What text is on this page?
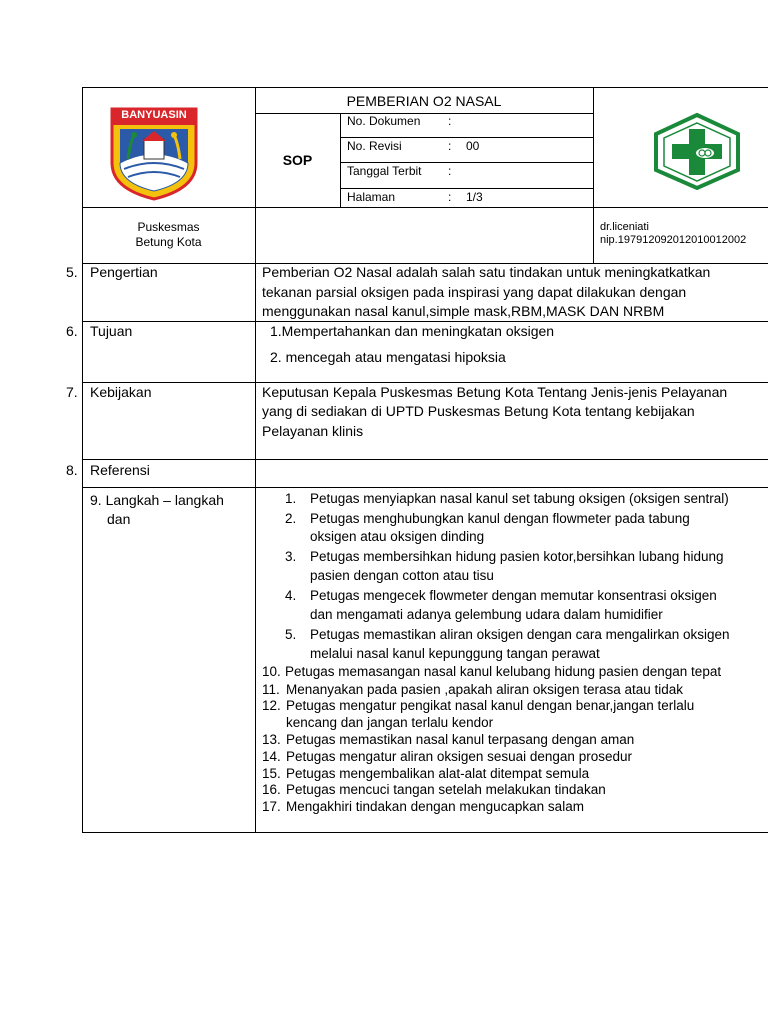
BANYUASIN
PEMBERIAN O2 NASAL
SOP
No. Dokumen :
No. Revisi	: 00
Tanggal Terbit :
Halaman	: 1/3
Puskesmas
Betung Kota
dr.liceniati
nip.197912092012010012002
5. Pengertian	Pemberian O2 Nasal adalah salah satu tindakan untuk meningkatkatkan
tekanan parsial oksigen pada inspirasi yang dapat dilakukan dengan
menggunakan nasal kanul,simple mask,RBM,MASK DAN NRBM
6. Tujuan	1.Mempertahankan dan meningkatan oksigen
2. mencegah atau mengatasi hipoksia
7. Kebijakan	Keputusan Kepala Puskesmas Betung Kota Tentang Jenis-jenis Pelayanan
yang di sediakan di UPTD Puskesmas Betung Kota tentang kebijakan
Pelayanan klinis
8. Referensi
9. Langkah – langkah
dan
1. Petugas menyiapkan nasal kanul set tabung oksigen (oksigen sentral)
2. Petugas menghubungkan kanul dengan flowmeter pada tabung
oksigen atau oksigen dinding
3. Petugas membersihkan hidung pasien kotor,bersihkan lubang hidung
pasien dengan cotton atau tisu
4. Petugas mengecek flowmeter dengan memutar konsentrasi oksigen
dan mengamati adanya gelembung udara dalam humidifier
5. Petugas memastikan aliran oksigen dengan cara mengalirkan oksigen
melalui nasal kanul kepunggung tangan perawat
10. Petugas memasangan nasal kanul kelubang hidung pasien dengan tepat
11. Menanyakan pada pasien ,apakah aliran oksigen terasa atau tidak
12. Petugas mengatur pengikat nasal kanul dengan benar,jangan terlalu
kencang dan jangan terlalu kendor
13. Petugas memastikan nasal kanul terpasang dengan aman
14. Petugas mengatur aliran oksigen sesuai dengan prosedur
15. Petugas mengembalikan alat-alat ditempat semula
16. Petugas mencuci tangan setelah melakukan tindakan
17. Mengakhiri tindakan dengan mengucapkan salam
